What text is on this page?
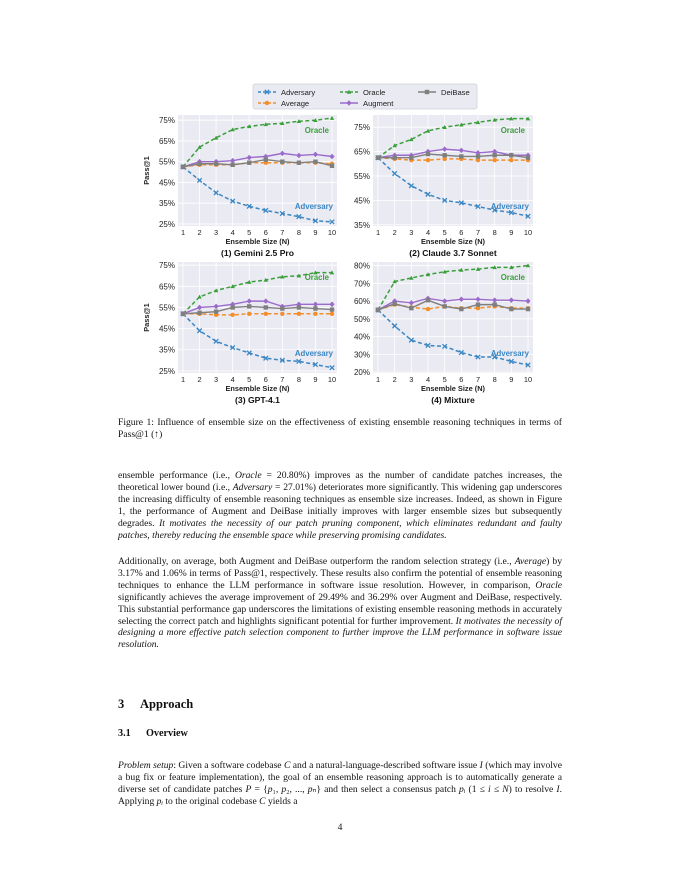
Adversary	Oracle	DeiBase
Average	Augment
25%
35%
45%
55%
65%
75%
1 2 3 4 5 6 7 8 9 10
Oracle
Adversary
Ensemble Size (N)
(1) Gemini 2.5 Pro
Pass@1
35%
45%
55%
65%
75%
1 2 3 4 5 6 7 8 9 10
Oracle
Adversary
Ensemble Size (N)
(2) Claude 3.7 Sonnet
25%
35%
45%
55%
65%
75%
1 2 3 4 5 6 7 8 9 10
Oracle
Adversary
Ensemble Size (N)
(3) GPT-4.1
Pass@1
20%
30%
40%
50%
60%
70%
80%
1 2 3 4 5 6 7 8 9 10
Oracle
Adversary
Ensemble Size (N)
(4) Mixture
Figure 1: Influence of ensemble size on the effectiveness of existing ensemble reasoning techniques in terms of Pass@1 (↑)
ensemble performance (i.e., Oracle = 20.80%) improves as the number of candidate patches increases, the theoretical lower bound (i.e., Adversary = 27.01%) deteriorates more significantly. This widening gap underscores the increasing difficulty of ensemble reasoning techniques as ensemble size increases. Indeed, as shown in Figure 1, the performance of Augment and DeiBase initially improves with larger ensemble sizes but subsequently degrades. It motivates the necessity of our patch pruning component, which eliminates redundant and faulty patches, thereby reducing the ensemble space while preserving promising candidates.
Additionally, on average, both Augment and DeiBase outperform the random selection strategy (i.e., Average) by 3.17% and 1.06% in terms of Pass@1, respectively. These results also confirm the potential of ensemble reasoning techniques to enhance the LLM performance in software issue resolution. However, in comparison, Oracle significantly achieves the average improvement of 29.49% and 36.29% over Augment and DeiBase, respectively. This substantial performance gap underscores the limitations of existing ensemble reasoning methods in accurately selecting the correct patch and highlights significant potential for further improvement. It motivates the necessity of designing a more effective patch selection component to further improve the LLM performance in software issue resolution.
3 Approach
3.1 Overview
Problem setup: Given a software codebase C and a natural-language-described software issue I (which may involve a bug fix or feature implementation), the goal of an ensemble reasoning approach is to automatically generate a diverse set of candidate patches P = {p₁, p₂, ..., pₙ} and then select a consensus patch pᵢ (1 ≤ i ≤ N) to resolve I. Applying pᵢ to the original codebase C yields a
4
